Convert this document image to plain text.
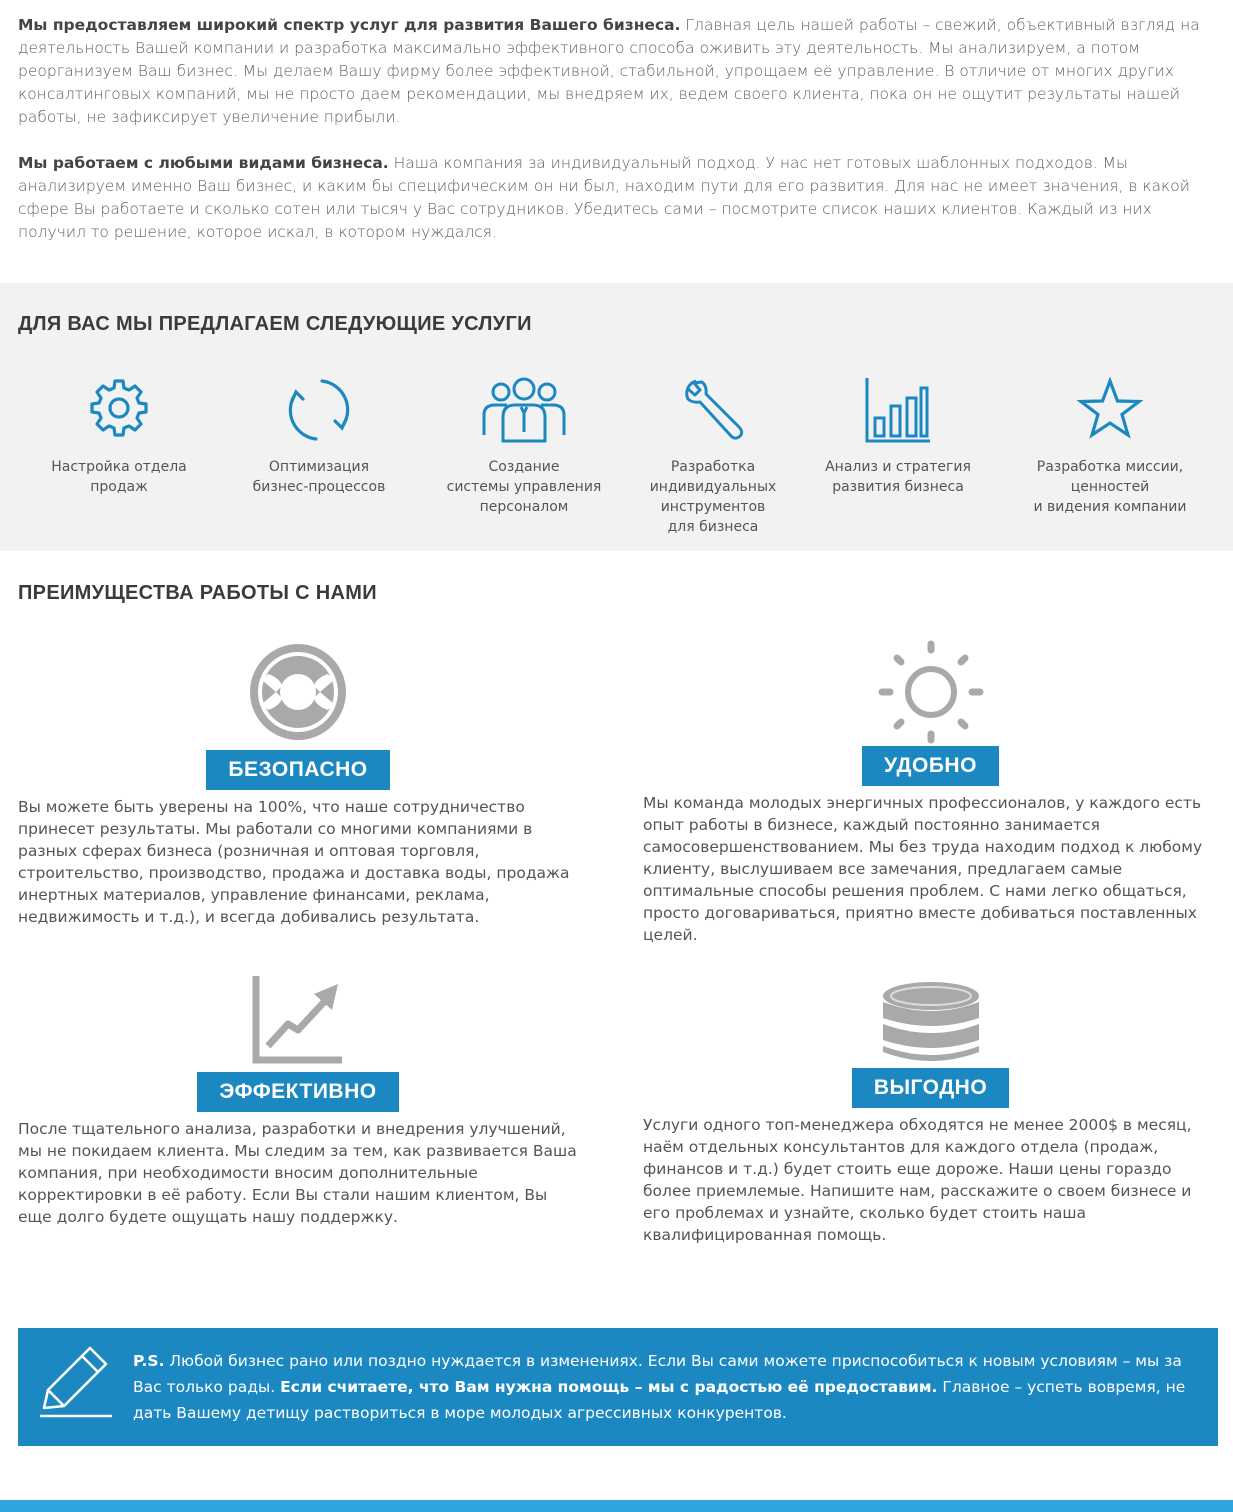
Мы предоставляем широкий спектр услуг для развития Вашего бизнеса. Главная цель нашей работы – свежий, объективный взгляд на деятельность Вашей компании и разработка максимально эффективного способа оживить эту деятельность. Мы анализируем, а потом реорганизуем Ваш бизнес. Мы делаем Вашу фирму более эффективной, стабильной, упрощаем её управление. В отличие от многих других консалтинговых компаний, мы не просто даем рекомендации, мы внедряем их, ведем своего клиента, пока он не ощутит результаты нашей работы, не зафиксирует увеличение прибыли.

Мы работаем с любыми видами бизнеса. Наша компания за индивидуальный подход. У нас нет готовых шаблонных подходов. Мы анализируем именно Ваш бизнес, и каким бы специфическим он ни был, находим пути для его развития. Для нас не имеет значения, в какой сфере Вы работаете и сколько сотен или тысяч у Вас сотрудников. Убедитесь сами – посмотрите список наших клиентов. Каждый из них получил то решение, которое искал, в котором нуждался.

ДЛЯ ВАС МЫ ПРЕДЛАГАЕМ СЛЕДУЮЩИЕ УСЛУГИ
Настройка отдела
продаж
Оптимизация
бизнес-процессов
Создание
системы управления
персоналом
Разработка
индивидуальных
инструментов
для бизнеса
Анализ и стратегия
развития бизнеса
Разработка миссии,
ценностей
и видения компании
ПРЕИМУЩЕСТВА РАБОТЫ С НАМИ
БЕЗОПАСНО
Вы можете быть уверены на 100%, что наше сотрудничество принесет результаты. Мы работали со многими компаниями в разных сферах бизнеса (розничная и оптовая торговля, строительство, производство, продажа и доставка воды, продажа инертных материалов, управление финансами, реклама, недвижимость и т.д.), и всегда добивались результата.
УДОБНО
Мы команда молодых энергичных профессионалов, у каждого есть опыт работы в бизнесе, каждый постоянно занимается самосовершенствованием. Мы без труда находим подход к любому клиенту, выслушиваем все замечания, предлагаем самые оптимальные способы решения проблем. С нами легко общаться, просто договариваться, приятно вместе добиваться поставленных целей.
ЭФФЕКТИВНО
После тщательного анализа, разработки и внедрения улучшений, мы не покидаем клиента. Мы следим за тем, как развивается Ваша компания, при необходимости вносим дополнительные корректировки в её работу. Если Вы стали нашим клиентом, Вы еще долго будете ощущать нашу поддержку.
ВЫГОДНО
Услуги одного топ-менеджера обходятся не менее 2000$ в месяц, наём отдельных консультантов для каждого отдела (продаж, финансов и т.д.) будет стоить еще дороже. Наши цены гораздо более приемлемые. Напишите нам, расскажите о своем бизнесе и его проблемах и узнайте, сколько будет стоить наша квалифицированная помощь.
P.S. Любой бизнес рано или поздно нуждается в изменениях. Если Вы сами можете приспособиться к новым условиям – мы за Вас только рады. Если считаете, что Вам нужна помощь – мы с радостью её предоставим. Главное – успеть вовремя, не дать Вашему детищу раствориться в море молодых агрессивных конкурентов.
